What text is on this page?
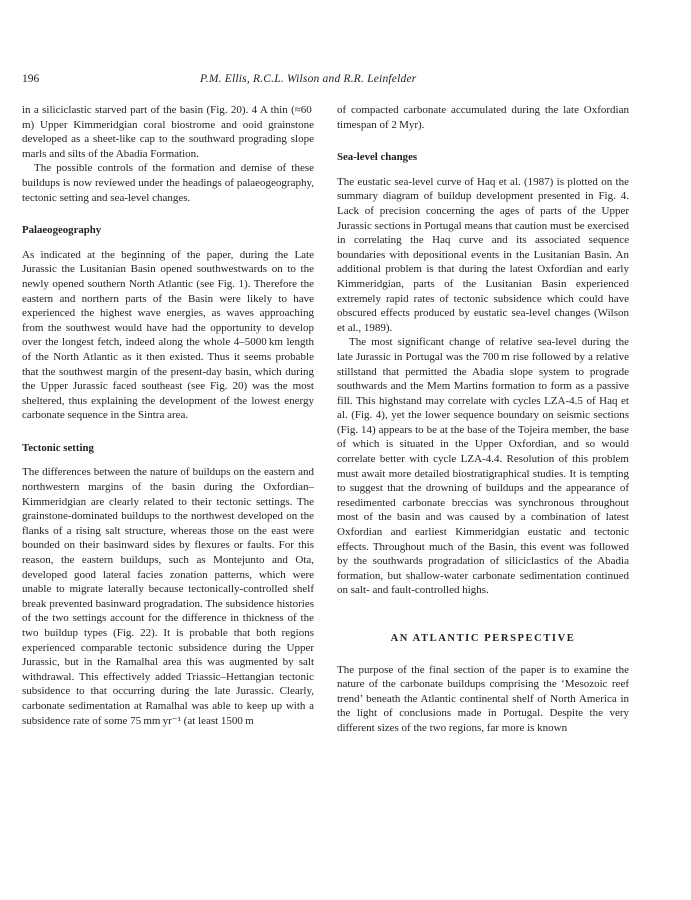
196	P.M. Ellis, R.C.L. Wilson and R.R. Leinfelder

in a siliciclastic starved part of the basin (Fig. 20). 4 A thin (≈60 m) Upper Kimmeridgian coral biostrome and ooid grainstone developed as a sheet-like cap to the southward prograding slope marls and silts of the Abadia Formation.

The possible controls of the formation and demise of these buildups is now reviewed under the headings of palaeogeography, tectonic setting and sea-level changes.

Palaeogeography

As indicated at the beginning of the paper, during the Late Jurassic the Lusitanian Basin opened southwestwards on to the newly opened southern North Atlantic (see Fig. 1). Therefore the eastern and northern parts of the Basin were likely to have experienced the highest wave energies, as waves approaching from the southwest would have had the opportunity to develop over the longest fetch, indeed along the whole 4–5000 km length of the North Atlantic as it then existed. Thus it seems probable that the southwest margin of the present-day basin, which during the Upper Jurassic faced southeast (see Fig. 20) was the most sheltered, thus explaining the development of the lowest energy carbonate sequence in the Sintra area.

Tectonic setting

The differences between the nature of buildups on the eastern and northwestern margins of the basin during the Oxfordian–Kimmeridgian are clearly related to their tectonic settings. The grainstone-dominated buildups to the northwest developed on the flanks of a rising salt structure, whereas those on the east were bounded on their basinward sides by flexures or faults. For this reason, the eastern buildups, such as Montejunto and Ota, developed good lateral facies zonation patterns, which were unable to migrate laterally because tectonically-controlled shelf break prevented basinward progradation. The subsidence histories of the two settings account for the difference in thickness of the two buildup types (Fig. 22). It is probable that both regions experienced comparable tectonic subsidence during the Upper Jurassic, but in the Ramalhal area this was augmented by salt withdrawal. This effectively added Triassic–Hettangian tectonic subsidence to that occurring during the late Jurassic. Clearly, carbonate sedimentation at Ramalhal was able to keep up with a subsidence rate of some 75 mm yr⁻¹ (at least 1500 m

of compacted carbonate accumulated during the late Oxfordian timespan of 2 Myr).

Sea-level changes

The eustatic sea-level curve of Haq et al. (1987) is plotted on the summary diagram of buildup development presented in Fig. 4. Lack of precision concerning the ages of parts of the Upper Jurassic sections in Portugal means that caution must be exercised in correlating the Haq curve and its associated sequence boundaries with depositional events in the Lusitanian Basin. An additional problem is that during the latest Oxfordian and early Kimmeridgian, parts of the Lusitanian Basin experienced extremely rapid rates of tectonic subsidence which could have obscured effects produced by eustatic sea-level changes (Wilson et al., 1989).

The most significant change of relative sea-level during the late Jurassic in Portugal was the 700 m rise followed by a relative stillstand that permitted the Abadia slope system to prograde southwards and the Mem Martins formation to form as a passive fill. This highstand may correlate with cycles LZA-4.5 of Haq et al. (Fig. 4), yet the lower sequence boundary on seismic sections (Fig. 14) appears to be at the base of the Tojeira member, the base of which is situated in the Upper Oxfordian, and so would correlate better with cycle LZA-4.4. Resolution of this problem must await more detailed biostratigraphical studies. It is tempting to suggest that the drowning of buildups and the appearance of resedimented carbonate breccias was synchronous throughout most of the basin and was caused by a combination of latest Oxfordian and earliest Kimmeridgian eustatic and tectonic effects. Throughout much of the Basin, this event was followed by the southwards progradation of siliciclastics of the Abadia formation, but shallow-water carbonate sedimentation continued on salt- and fault-controlled highs.

AN ATLANTIC PERSPECTIVE

The purpose of the final section of the paper is to examine the nature of the carbonate buildups comprising the ‘Mesozoic reef trend’ beneath the Atlantic continental shelf of North America in the light of conclusions made in Portugal. Despite the very different sizes of the two regions, far more is known
